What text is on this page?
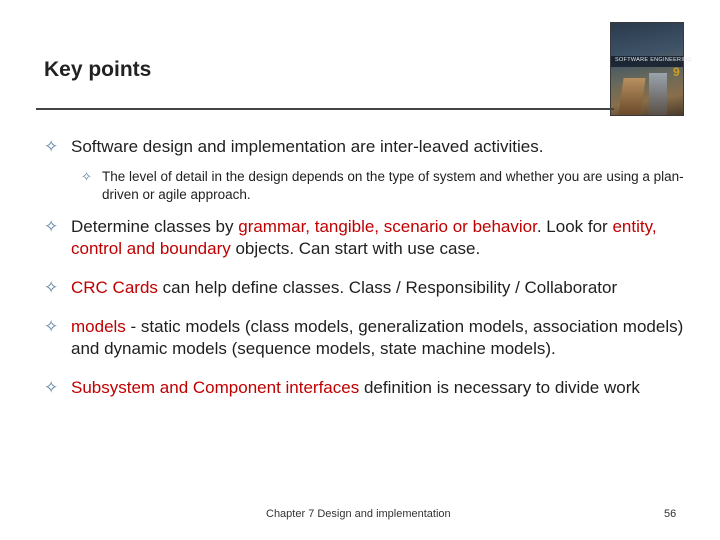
Key points	SOFTWARE ENGINEERING
9
✧ Software design and implementation are inter-leaved activities.
✧ The level of detail in the design depends on the type of system and whether you are using a plan-driven or agile approach.
✧ Determine classes by grammar, tangible, scenario or behavior. Look for entity, control and boundary objects. Can start with use case.
✧ CRC Cards can help define classes. Class / Responsibility / Collaborator
✧ models - static models (class models, generalization models, association models) and dynamic models (sequence models, state machine models).
✧ Subsystem and Component interfaces definition is necessary to divide work
Chapter 7 Design and implementation	56
